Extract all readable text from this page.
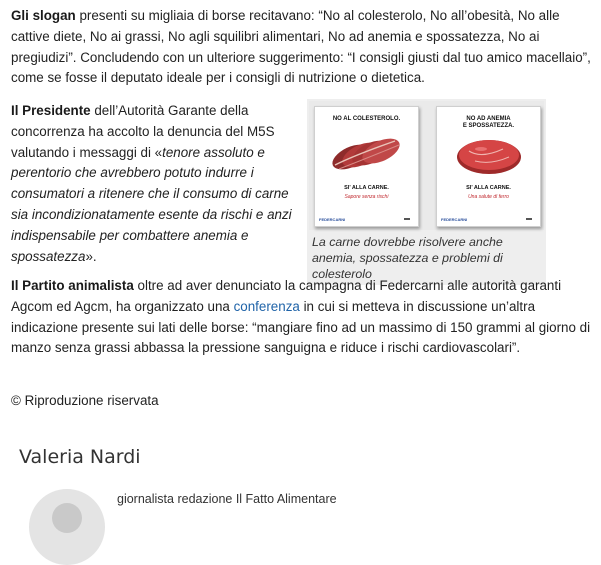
Gli slogan presenti su migliaia di borse recitavano: “No al colesterolo, No all’obesità, No alle cattive diete, No ai grassi, No agli squilibri alimentari, No ad anemia e spossatezza, No ai pregiudizi”. Concludendo con un ulteriore suggerimento: “I consigli giusti dal tuo amico macellaio”, come se fosse il deputato ideale per i consigli di nutrizione o dietetica.

Il Presidente dell’Autorità Garante della concorrenza ha accolto la denuncia del M5S valutando i messaggi di «tenore assoluto e perentorio che avrebbero potuto indurre i consumatori a ritenere che il consumo di carne sia incondizionatamente esente da rischi e anzi indispensabile per combattere anemia e spossatezza».

NO AL COLESTEROLO.
SI’ ALLA CARNE.
Sapore senza rischi
FEDERCARNI
NO AD ANEMIA
E SPOSSATEZZA.
SI’ ALLA CARNE.
Una salute di ferro
FEDERCARNI
La carne dovrebbe risolvere anche anemia, spossatezza e problemi di colesterolo

Il Partito animalista oltre ad aver denunciato la campagna di Federcarni alle autorità garanti Agcom ed Agcm, ha organizzato una conferenza in cui si metteva in discussione un’altra indicazione presente sui lati delle borse: “mangiare fino ad un massimo di 150 grammi al giorno di manzo senza grassi abbassa la pressione sanguigna e riduce i rischi cardiovascolari”.

© Riproduzione riservata
Valeria Nardi
giornalista redazione Il Fatto Alimentare
